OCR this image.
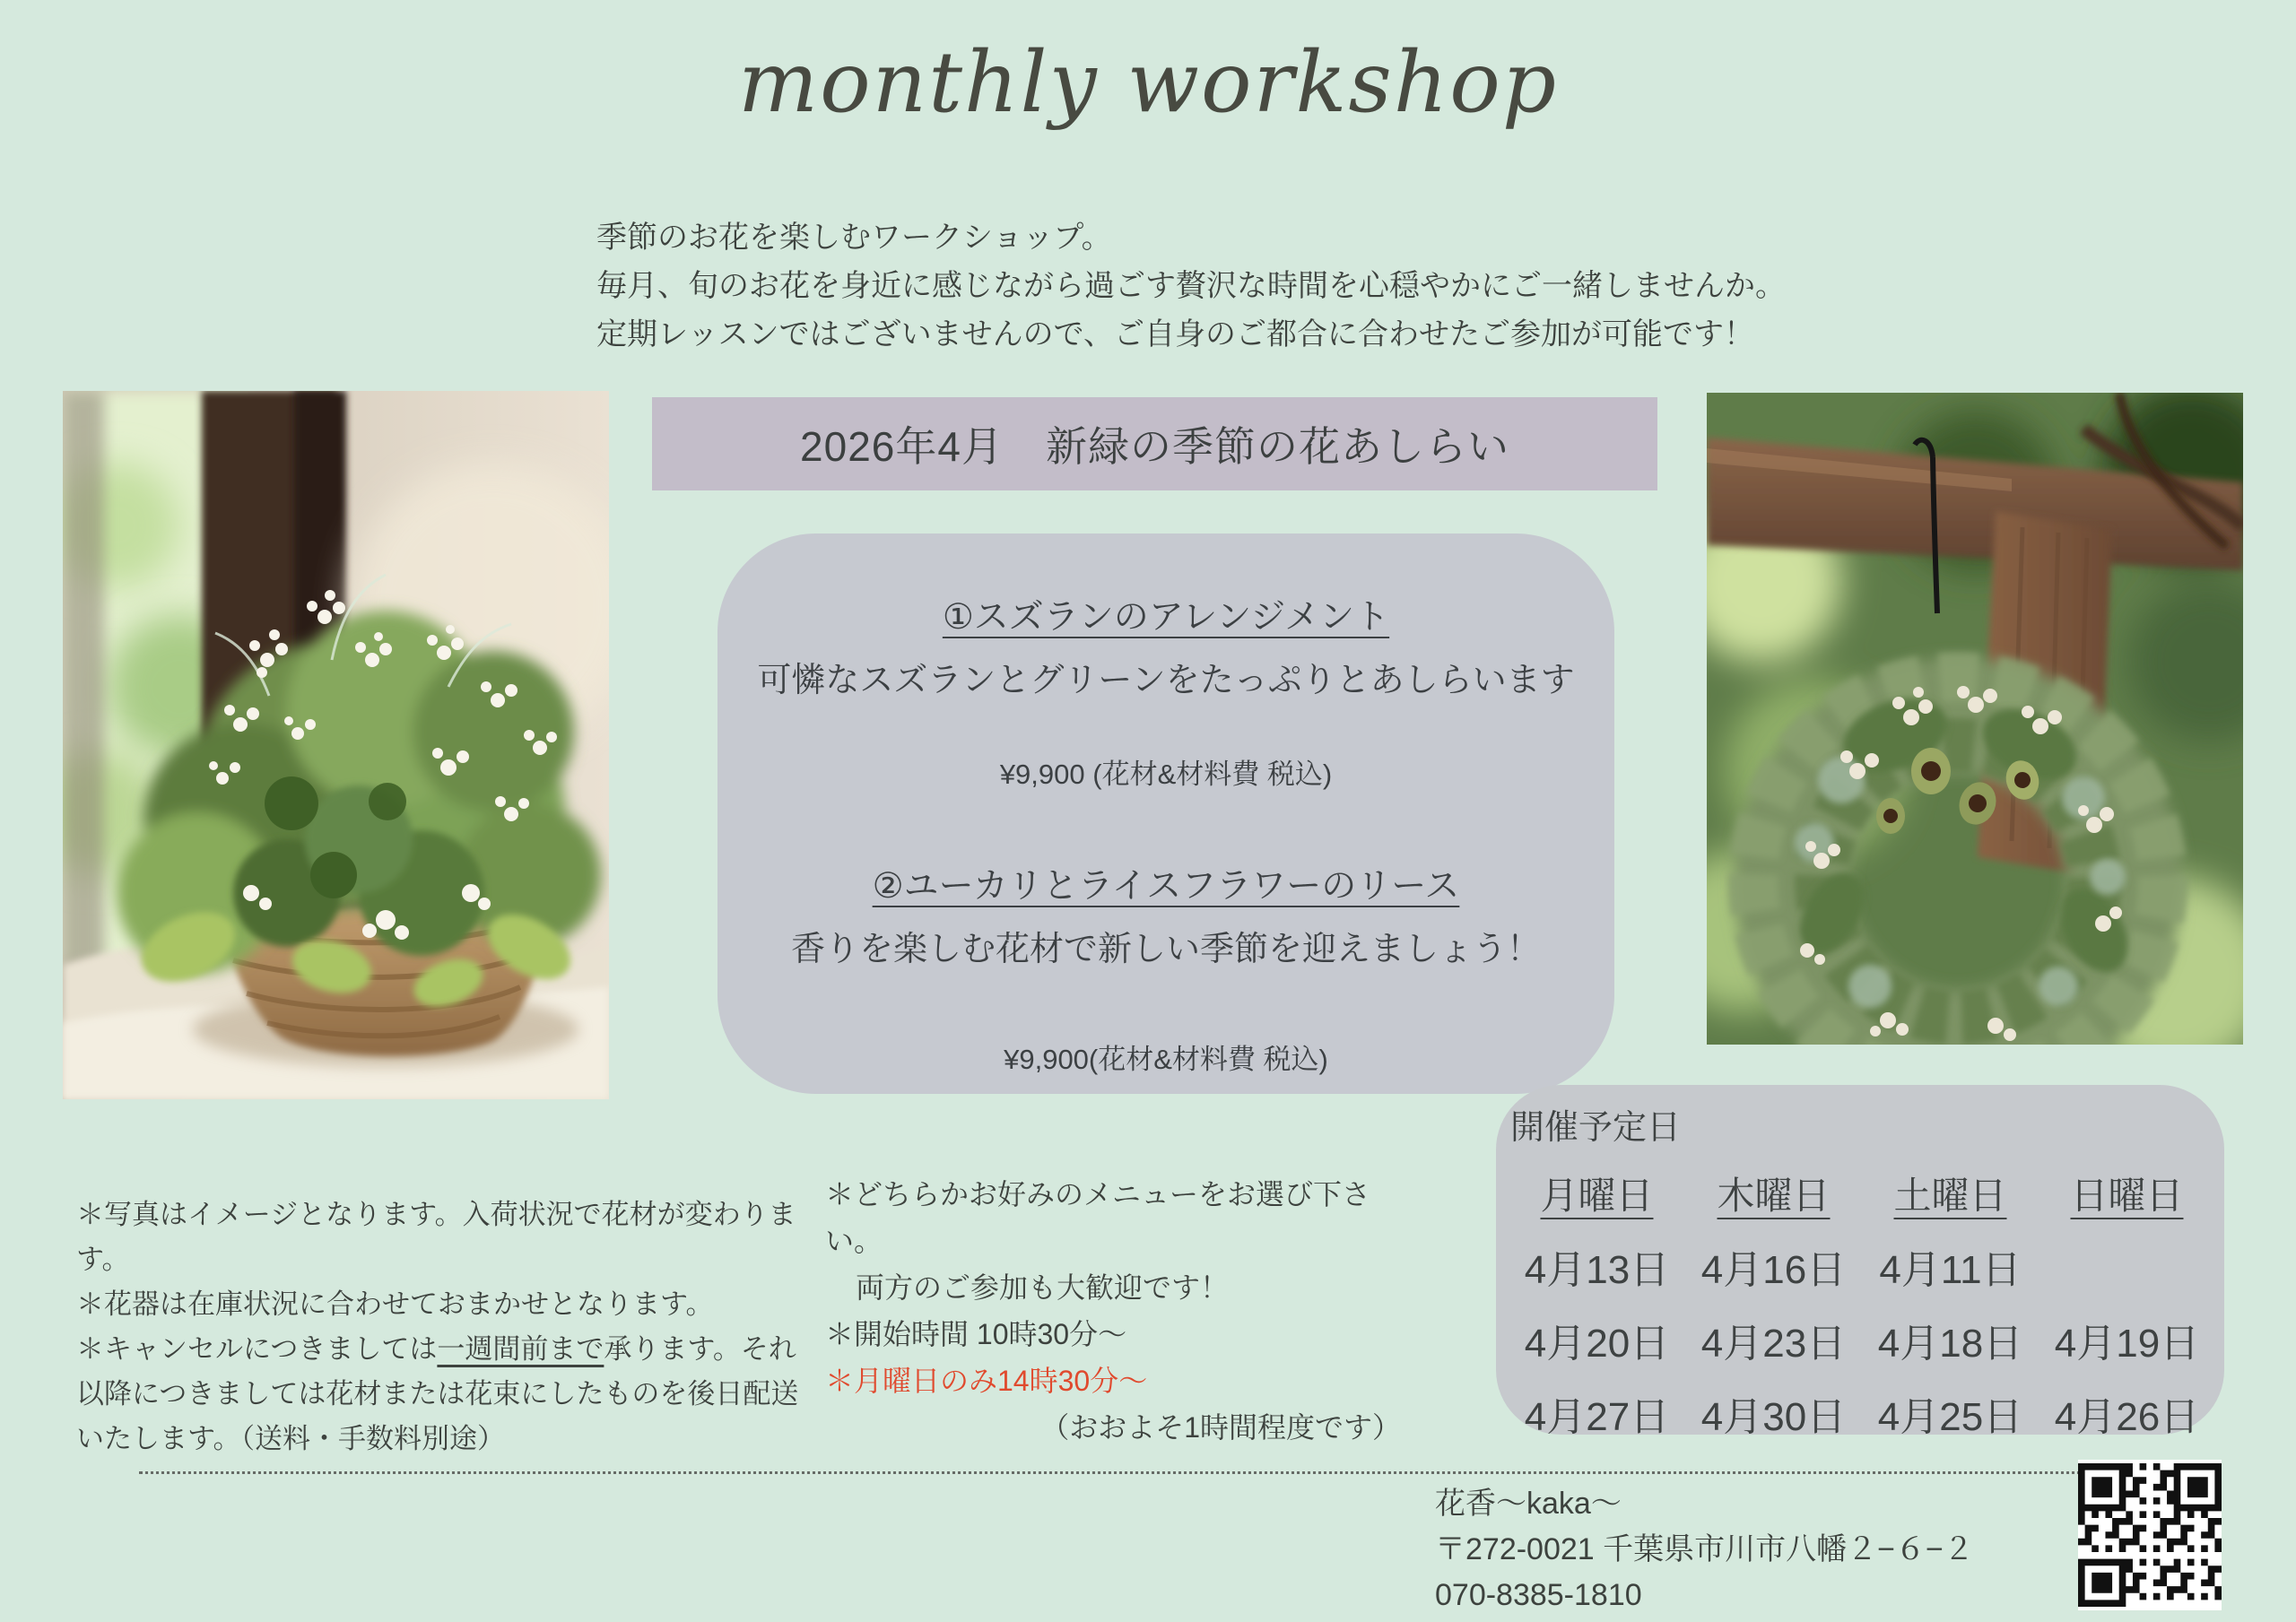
monthly workshop
季節のお花を楽しむワークショップ。
毎月、旬のお花を身近に感じながら過ごす贅沢な時間を心穏やかにご一緒しませんか。
定期レッスンではございませんので、ご自身のご都合に合わせたご参加が可能です！
2026年4月　新緑の季節の花あしらい
①スズランのアレンジメント
可憐なスズランとグリーンをたっぷりとあしらいます
¥9,900 (花材&材料費 税込)
②ユーカリとライスフラワーのリース
香りを楽しむ花材で新しい季節を迎えましょう！
¥9,900(花材&材料費 税込)
開催予定日
月曜日	木曜日	土曜日	日曜日
4月13日	4月16日	4月11日	
4月20日	4月23日	4月18日	4月19日
4月27日	4月30日	4月25日	4月26日
＊写真はイメージとなります。入荷状況で花材が変わります。
＊花器は在庫状況に合わせておまかせとなります。
＊キャンセルにつきましては一週間前まで承ります。それ以降につきましては花材または花束にしたものを後日配送いたします。（送料・手数料別途）
＊どちらかお好みのメニューをお選び下さい。
両方のご参加も大歓迎です！
＊開始時間 10時30分〜
＊月曜日のみ14時30分〜
（おおよそ1時間程度です）
花香〜kaka〜
〒272-0021 千葉県市川市八幡２−６−２
070-8385-1810
